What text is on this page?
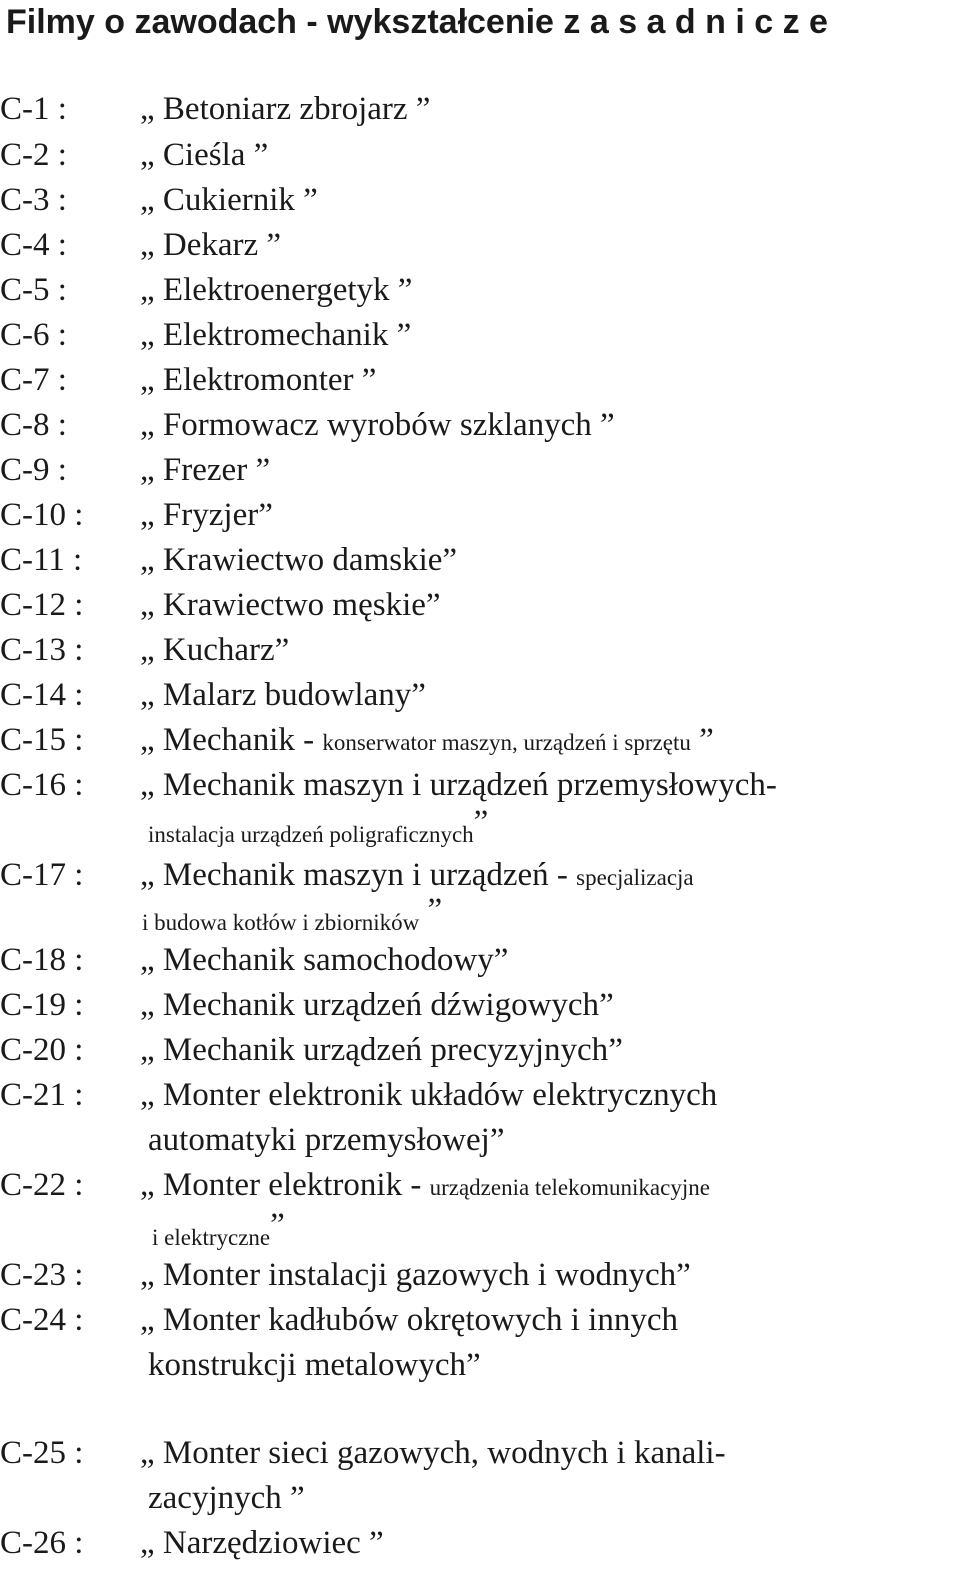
Filmy o zawodach - wykształcenie z a s a d n i c z e
C-1 : „ Betoniarz zbrojarz ”
C-2 : „ Cieśla ”
C-3 : „ Cukiernik ”
C-4 : „ Dekarz ”
C-5 : „ Elektroenergetyk ”
C-6 : „ Elektromechanik ”
C-7 : „ Elektromonter ”
C-8 : „ Formowacz wyrobów szklanych ”
C-9 : „ Frezer ”
C-10 : „ Fryzjer”
C-11 : „ Krawiectwo damskie”
C-12 : „ Krawiectwo męskie”
C-13 : „ Kucharz”
C-14 : „ Malarz budowlany”
C-15 : „ Mechanik - konserwator maszyn, urządzeń i sprzętu ”
C-16 : „ Mechanik maszyn i urządzeń przemysłowych-
instalacja urządzeń poligraficznych”
C-17 : „ Mechanik maszyn i urządzeń - specjalizacja
i budowa kotłów i zbiorników ”
C-18 : „ Mechanik samochodowy”
C-19 : „ Mechanik urządzeń dźwigowych”
C-20 : „ Mechanik urządzeń precyzyjnych”
C-21 : „ Monter elektronik układów elektrycznych
automatyki przemysłowej”
C-22 : „ Monter elektronik - urządzenia telekomunikacyjne
i elektryczne”
C-23 : „ Monter instalacji gazowych i wodnych”
C-24 : „ Monter kadłubów okrętowych i innych
konstrukcji metalowych”
C-25 : „ Monter sieci gazowych, wodnych i kanali-
zacyjnych ”
C-26 : „ Narzędziowiec ”
